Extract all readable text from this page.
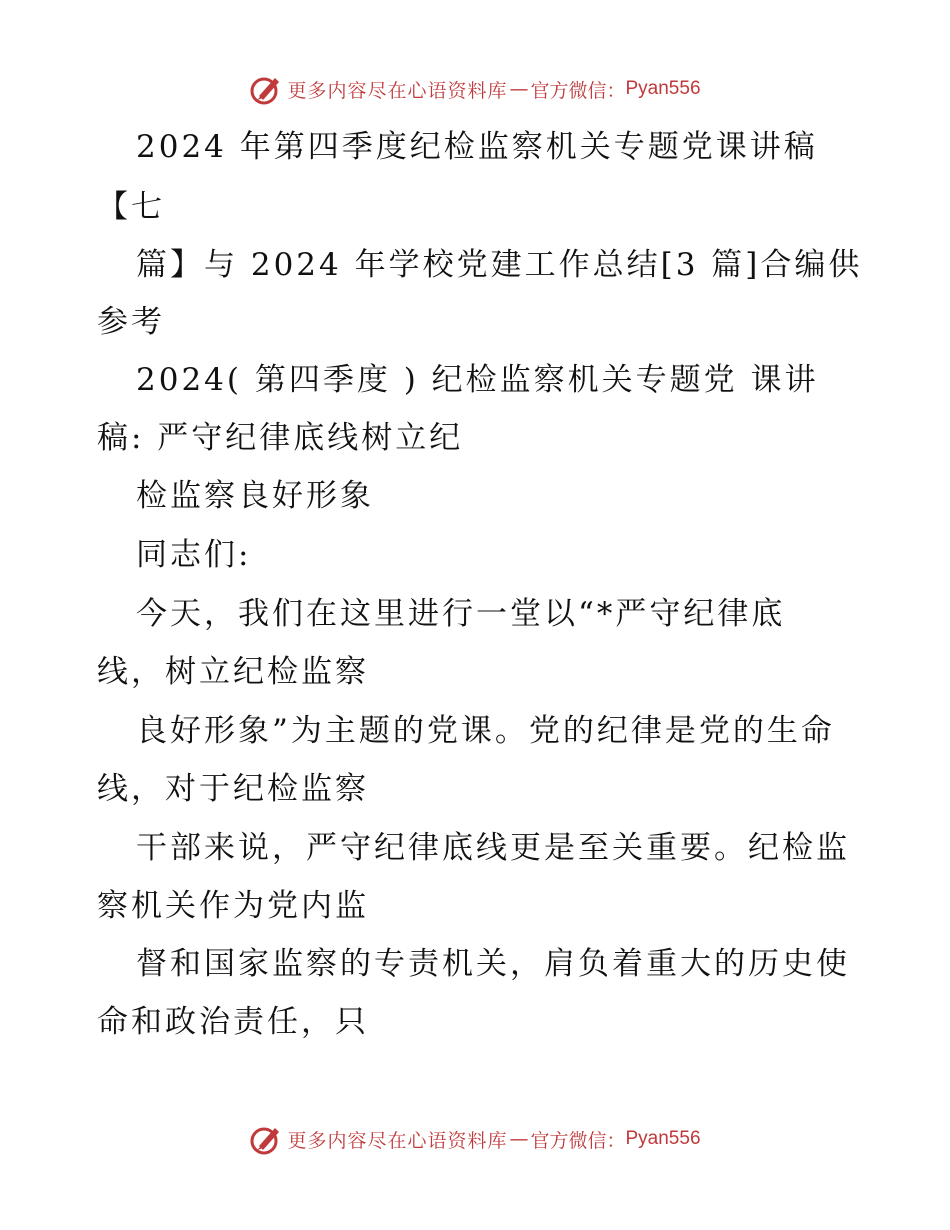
更多内容尽在心语资料库 — 官方微信： Pyan556
2024 年第四季度纪检监察机关专题党课讲稿
【七
篇】与 2024 年学校党建工作总结[3 篇]合编供
参考
2024( 第四季度 ) 纪检监察机关专题党 课讲
稿: 严守纪律底线树立纪
检监察良好形象
同志们:
今天，我们在这里进行一堂以“*严守纪律底
线，树立纪检监察
良好形象”为主题的党课。党的纪律是党的生命
线，对于纪检监察
干部来说，严守纪律底线更是至关重要。纪检监
察机关作为党内监
督和国家监察的专责机关，肩负着重大的历史使
命和政治责任，只
更多内容尽在心语资料库 — 官方微信： Pyan556
